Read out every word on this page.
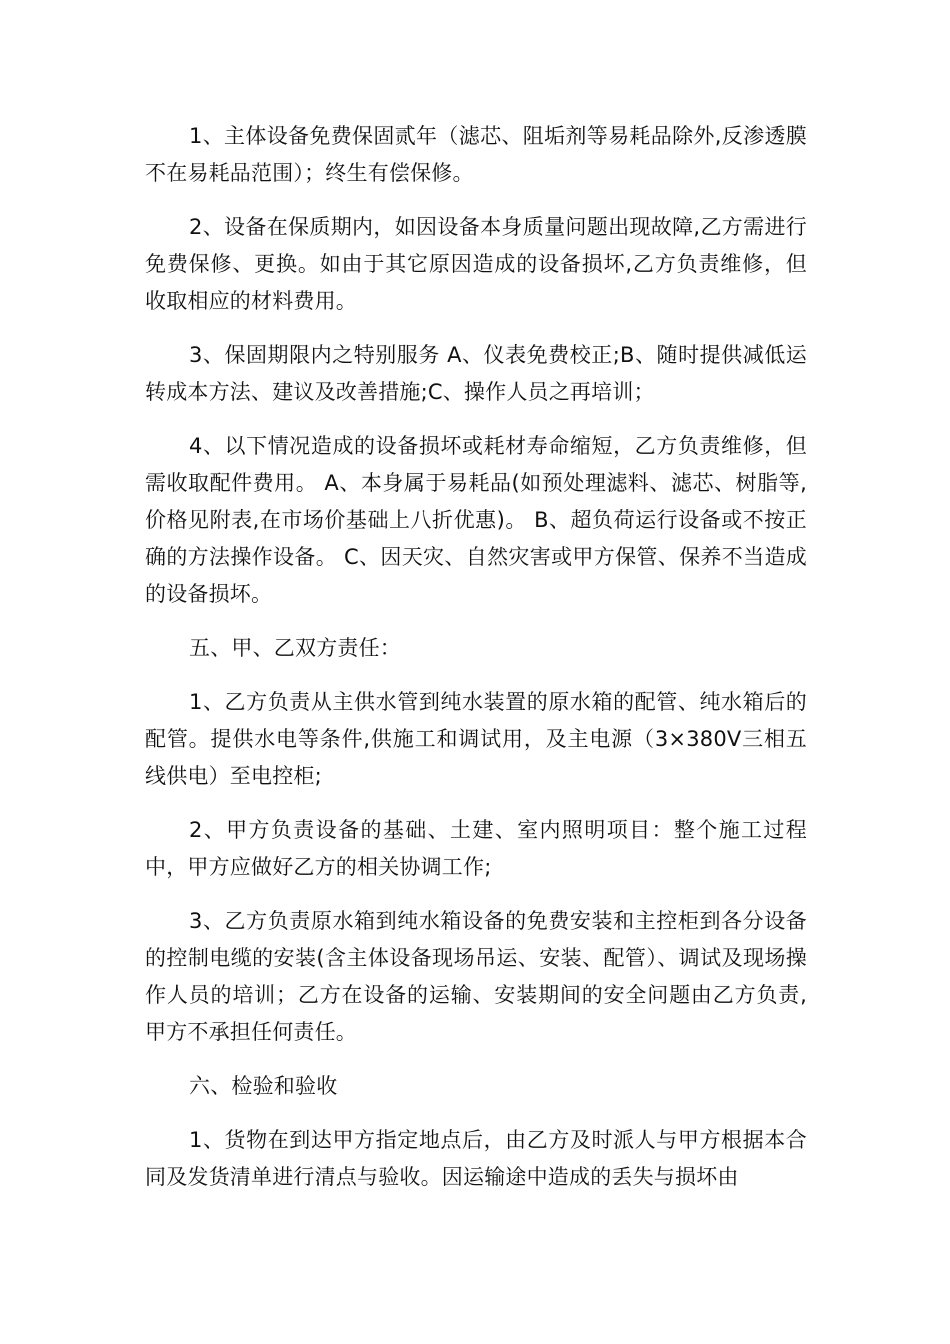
1、主体设备免费保固贰年（滤芯、阻垢剂等易耗品除外,反渗透膜不在易耗品范围）；终生有偿保修。

2、设备在保质期内，如因设备本身质量问题出现故障,乙方需进行免费保修、更换。如由于其它原因造成的设备损坏,乙方负责维修，但收取相应的材料费用。

3、保固期限内之特别服务 A、仪表免费校正;B、随时提供减低运转成本方法、建议及改善措施;C、操作人员之再培训；

4、以下情况造成的设备损坏或耗材寿命缩短，乙方负责维修，但需收取配件费用。 A、本身属于易耗品(如预处理滤料、滤芯、树脂等,价格见附表,在市场价基础上八折优惠)。 B、超负荷运行设备或不按正确的方法操作设备。 C、因天灾、自然灾害或甲方保管、保养不当造成的设备损坏。

五、甲、乙双方责任：

1、乙方负责从主供水管到纯水装置的原水箱的配管、纯水箱后的配管。提供水电等条件,供施工和调试用，及主电源（3×380V三相五线供电）至电控柜;

2、甲方负责设备的基础、土建、室内照明项目：整个施工过程中，甲方应做好乙方的相关协调工作;

3、乙方负责原水箱到纯水箱设备的免费安装和主控柜到各分设备的控制电缆的安装(含主体设备现场吊运、安装、配管）、调试及现场操作人员的培训；乙方在设备的运输、安装期间的安全问题由乙方负责,甲方不承担任何责任。

六、检验和验收

1、货物在到达甲方指定地点后，由乙方及时派人与甲方根据本合同及发货清单进行清点与验收。因运输途中造成的丢失与损坏由
